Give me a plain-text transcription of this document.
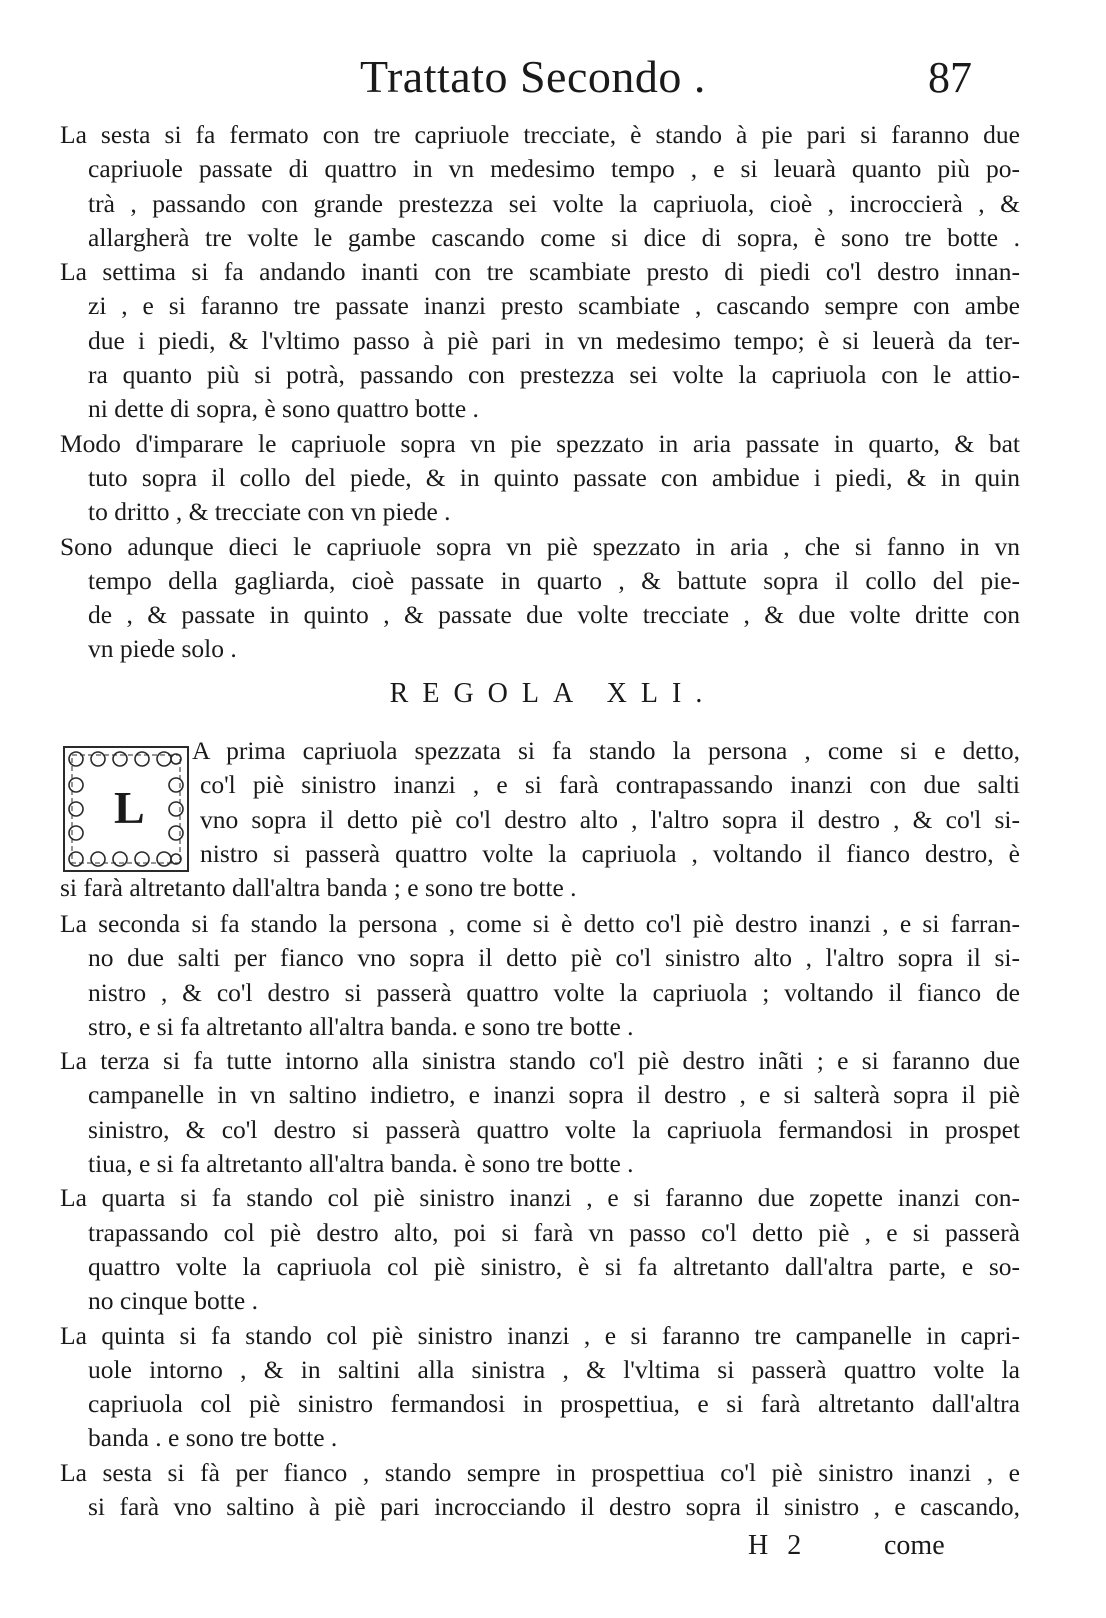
Trattato Secondo .	87
La sesta si fa fermato con tre capriuole trecciate, è stando à pie pari si faranno due
capriuole passate di quattro in vn medesimo tempo , e si leuarà quanto più po-
trà , passando con grande prestezza sei volte la capriuola, cioè , incroccierà , &
allargherà tre volte le gambe cascando come si dice di sopra, è sono tre botte .
La settima si fa andando inanti con tre scambiate presto di piedi co'l destro innan-
zi , e si faranno tre passate inanzi presto scambiate , cascando sempre con ambe
due i piedi, & l'vltimo passo à piè pari in vn medesimo tempo; è si leuerà da ter-
ra quanto più si potrà, passando con prestezza sei volte la capriuola con le attio-
ni dette di sopra, è sono quattro botte .
Modo d'imparare le capriuole sopra vn pie spezzato in aria passate in quarto, & bat
tuto sopra il collo del piede, & in quinto passate con ambidue i piedi, & in quin
to dritto , & trecciate con vn piede .
Sono adunque dieci le capriuole sopra vn piè spezzato in aria , che si fanno in vn
tempo della gagliarda, cioè passate in quarto , & battute sopra il collo del pie-
de , & passate in quinto , & passate due volte trecciate , & due volte dritte con
vn piede solo .
REGOLA XLI.
L
A prima capriuola spezzata si fa stando la persona , come si e detto,
co'l piè sinistro inanzi , e si farà contrapassando inanzi con due salti
vno sopra il detto piè co'l destro alto , l'altro sopra il destro , & co'l si-
nistro si passerà quattro volte la capriuola , voltando il fianco destro, è
si farà altretanto dall'altra banda ; e sono tre botte .
La seconda si fa stando la persona , come si è detto co'l piè destro inanzi , e si farran-
no due salti per fianco vno sopra il detto piè co'l sinistro alto , l'altro sopra il si-
nistro , & co'l destro si passerà quattro volte la capriuola ; voltando il fianco de
stro, e si fa altretanto all'altra banda. e sono tre botte .
La terza si fa tutte intorno alla sinistra stando co'l piè destro inãti ; e si faranno due
campanelle in vn saltino indietro, e inanzi sopra il destro , e si salterà sopra il piè
sinistro, & co'l destro si passerà quattro volte la capriuola fermandosi in prospet
tiua, e si fa altretanto all'altra banda. è sono tre botte .
La quarta si fa stando col piè sinistro inanzi , e si faranno due zopette inanzi con-
trapassando col piè destro alto, poi si farà vn passo co'l detto piè , e si passerà
quattro volte la capriuola col piè sinistro, è si fa altretanto dall'altra parte, e so-
no cinque botte .
La quinta si fa stando col piè sinistro inanzi , e si faranno tre campanelle in capri-
uole intorno , & in saltini alla sinistra , & l'vltima si passerà quattro volte la
capriuola col piè sinistro fermandosi in prospettiua, e si farà altretanto dall'altra
banda . e sono tre botte .
La sesta si fà per fianco , stando sempre in prospettiua co'l piè sinistro inanzi , e
si farà vno saltino à piè pari incrocciando il destro sopra il sinistro , e cascando,
H 2	come
